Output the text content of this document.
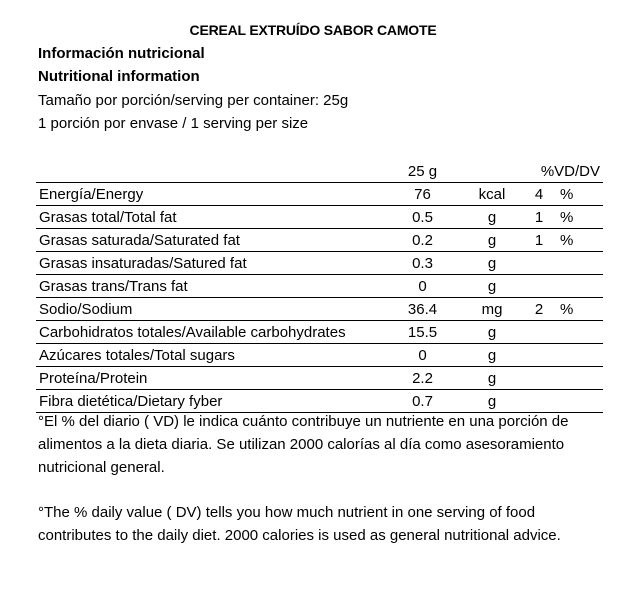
CEREAL EXTRUÍDO SABOR CAMOTE
Información nutricional
Nutritional information
Tamaño por porción/serving per container: 25g
1 porción por envase / 1 serving per size
	25 g		%VD/DV	
Energía/Energy	76	kcal	4	%
Grasas total/Total fat	0.5	g	1	%
Grasas saturada/Saturated fat	0.2	g	1	%
Grasas insaturadas/Satured fat	0.3	g		
Grasas trans/Trans fat	0	g		
Sodio/Sodium	36.4	mg	2	%
Carbohidratos totales/Available carbohydrates	15.5	g		
Azúcares totales/Total sugars	0	g		
Proteína/Protein	2.2	g		
Fibra dietética/Dietary fyber	0.7	g		
°El % del diario ( VD) le indica cuánto contribuye un nutriente en una porción de alimentos a la dieta diaria. Se utilizan 2000 calorías al día como asesoramiento nutricional general.
°The % daily value ( DV) tells you how much nutrient in one serving of food contributes to the daily diet. 2000 calories is used as general nutritional advice.
